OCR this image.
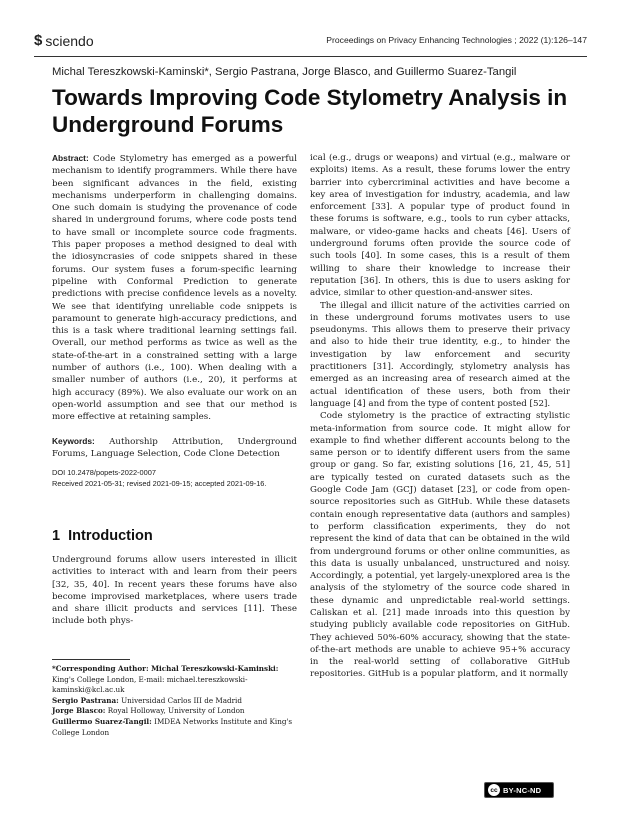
$ sciendo	Proceedings on Privacy Enhancing Technologies ; 2022 (1):126–147
Michal Tereszkowski-Kaminski*, Sergio Pastrana, Jorge Blasco, and Guillermo Suarez-Tangil
Towards Improving Code Stylometry Analysis in Underground Forums

Abstract: Code Stylometry has emerged as a powerful mechanism to identify programmers. While there have been significant advances in the field, existing mechanisms underperform in challenging domains. One such domain is studying the provenance of code shared in underground forums, where code posts tend to have small or incomplete source code fragments. This paper proposes a method designed to deal with the idiosyncrasies of code snippets shared in these forums. Our system fuses a forum-specific learning pipeline with Conformal Prediction to generate predictions with precise confidence levels as a novelty. We see that identifying unreliable code snippets is paramount to generate high-accuracy predictions, and this is a task where traditional learning settings fail. Overall, our method performs as twice as well as the state-of-the-art in a constrained setting with a large number of authors (i.e., 100). When dealing with a smaller number of authors (i.e., 20), it performs at high accuracy (89%). We also evaluate our work on an open-world assumption and see that our method is more effective at retaining samples.

Keywords: Authorship Attribution, Underground Forums, Language Selection, Code Clone Detection

DOI 10.2478/popets-2022-0007
Received 2021-05-31; revised 2021-09-15; accepted 2021-09-16.
1 Introduction

Underground forums allow users interested in illicit activities to interact with and learn from their peers [32, 35, 40]. In recent years these forums have also become improvised marketplaces, where users trade and share illicit products and services [11]. These include both phys-

*Corresponding Author: Michal Tereszkowski-Kaminski: King's College London, E-mail: michael.tereszkowski-kaminski@kcl.ac.uk
Sergio Pastrana: Universidad Carlos III de Madrid
Jorge Blasco: Royal Holloway, University of London
Guillermo Suarez-Tangil: IMDEA Networks Institute and King's College London

ical (e.g., drugs or weapons) and virtual (e.g., malware or exploits) items. As a result, these forums lower the entry barrier into cybercriminal activities and have become a key area of investigation for industry, academia, and law enforcement [33]. A popular type of product found in these forums is software, e.g., tools to run cyber attacks, malware, or video-game hacks and cheats [46]. Users of underground forums often provide the source code of such tools [40]. In some cases, this is a result of them willing to share their knowledge to increase their reputation [36]. In others, this is due to users asking for advice, similar to other question-and-answer sites.

The illegal and illicit nature of the activities carried on in these underground forums motivates users to use pseudonyms. This allows them to preserve their privacy and also to hide their true identity, e.g., to hinder the investigation by law enforcement and security practitioners [31]. Accordingly, stylometry analysis has emerged as an increasing area of research aimed at the actual identification of these users, both from their language [4] and from the type of content posted [52].

Code stylometry is the practice of extracting stylistic meta-information from source code. It might allow for example to find whether different accounts belong to the same person or to identify different users from the same group or gang. So far, existing solutions [16, 21, 45, 51] are typically tested on curated datasets such as the Google Code Jam (GCJ) dataset [23], or code from open-source repositories such as GitHub. While these datasets contain enough representative data (authors and samples) to perform classification experiments, they do not represent the kind of data that can be obtained in the wild from underground forums or other online communities, as this data is usually unbalanced, unstructured and noisy. Accordingly, a potential, yet largely-unexplored area is the analysis of the stylometry of the source code shared in these dynamic and unpredictable real-world settings. Caliskan et al. [21] made inroads into this question by studying publicly available code repositories on GitHub. They achieved 50%-60% accuracy, showing that the state-of-the-art methods are unable to achieve 95+% accuracy in the real-world setting of collaborative GitHub repositories. GitHub is a popular platform, and it normally

cc BY-NC-ND
